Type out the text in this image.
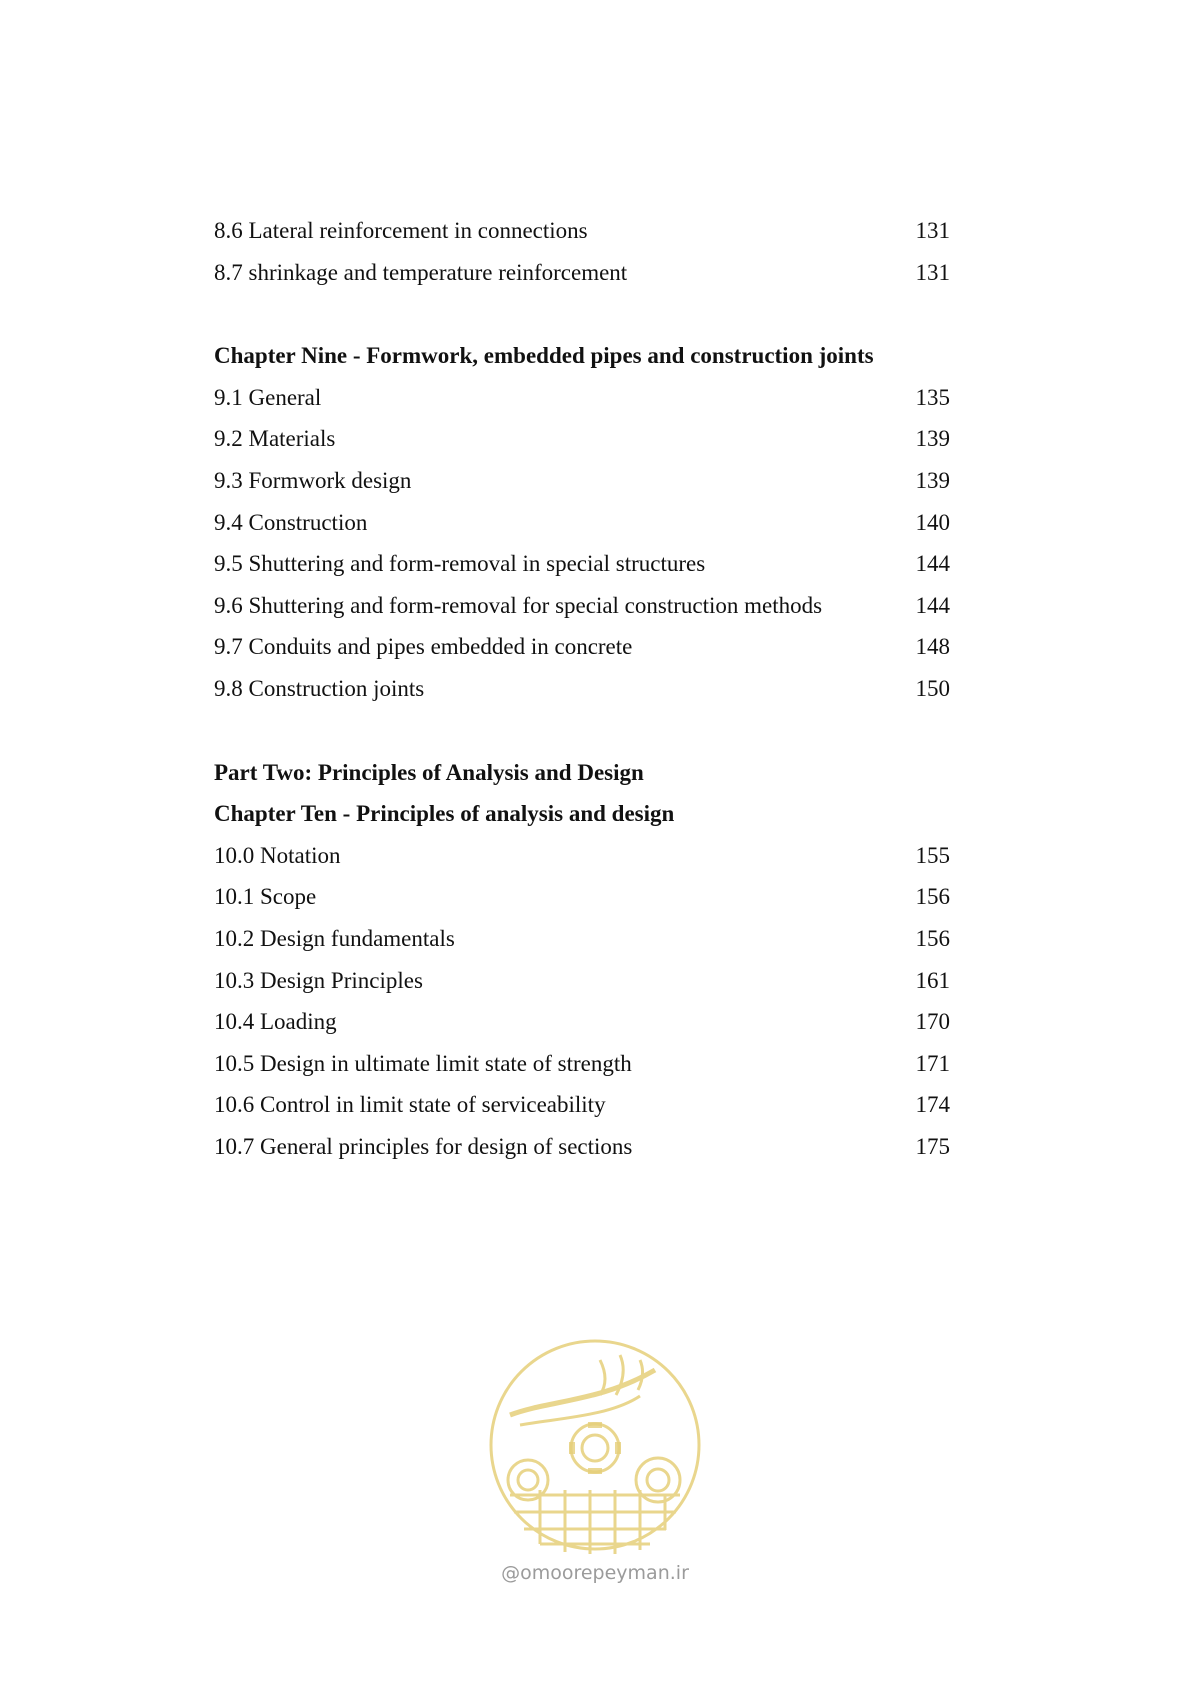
8.6 Lateral reinforcement in connections	131
8.7 shrinkage and temperature reinforcement	131
Chapter Nine - Formwork, embedded pipes and construction joints
9.1 General	135
9.2 Materials	139
9.3 Formwork design	139
9.4 Construction	140
9.5 Shuttering and form-removal in special structures	144
9.6 Shuttering and form-removal for special construction methods	144
9.7 Conduits and pipes embedded in concrete	148
9.8 Construction joints	150
Part Two: Principles of Analysis and Design
Chapter Ten - Principles of analysis and design
10.0 Notation	155
10.1 Scope	156
10.2 Design fundamentals	156
10.3 Design Principles	161
10.4 Loading	170
10.5 Design in ultimate limit state of strength	171
10.6 Control in limit state of serviceability	174
10.7 General principles for design of sections	175
@omoorepeyman.ir
